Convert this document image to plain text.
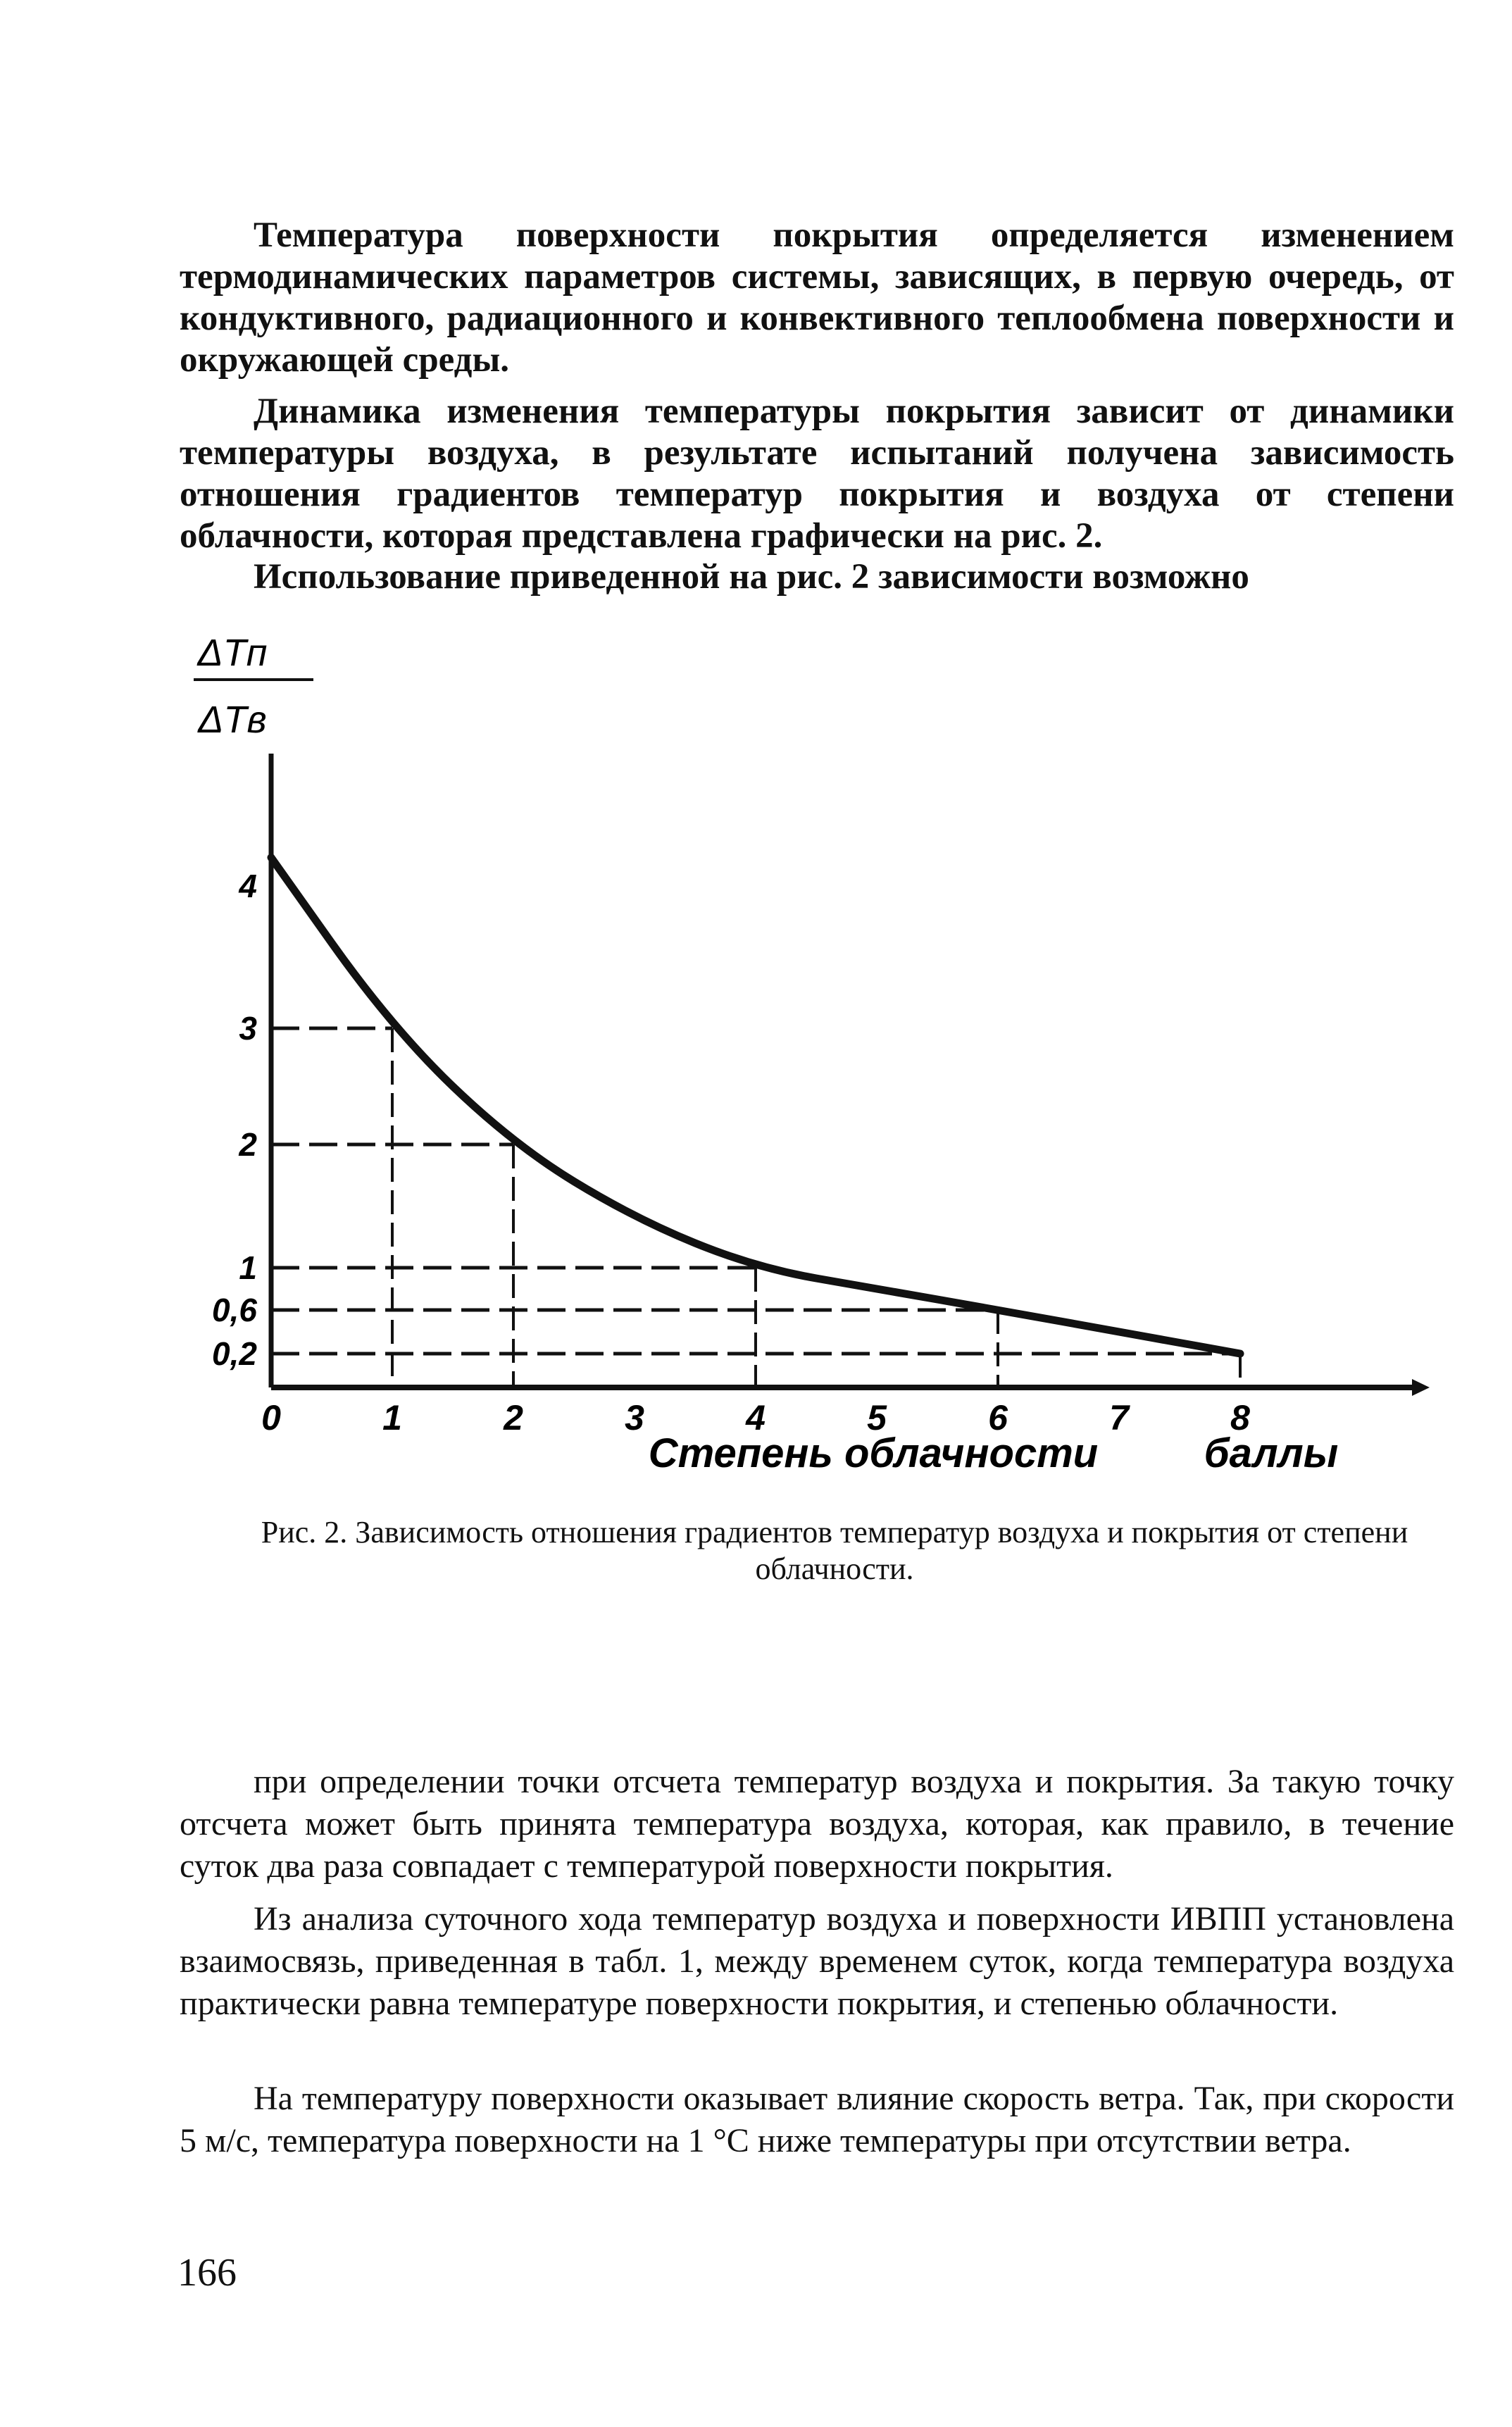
Температура поверхности покрытия определяется изменением термодинамических параметров системы, зависящих, в первую очередь, от кондуктивного, радиационного и конвективного теплообмена поверхности и окружающей среды.

Динамика изменения температуры покрытия зависит от динамики температуры воздуха, в результате испытаний получена зависимость отношения градиентов температур покрытия и воздуха от степени облачности, которая представлена графически на рис. 2.

Использование приведенной на рис. 2 зависимости возможно

ΔTп
ΔTв
Степень облачности	баллы
0	1	2	3	4	5	6	7	8
4
3
2
1
0,6
0,2
Рис. 2. Зависимость отношения градиентов температур воздуха и покрытия от степени облачности.

при определении точки отсчета температур воздуха и покрытия. За такую точку отсчета может быть принята температура воздуха, которая, как правило, в течение суток два раза совпадает с температурой поверхности покрытия.

Из анализа суточного хода температур воздуха и поверхности ИВПП установлена взаимосвязь, приведенная в табл. 1, между временем суток, когда температура воздуха практически равна температуре поверхности покрытия, и степенью облачности.

На температуру поверхности оказывает влияние скорость ветра. Так, при скорости 5 м/с, температура поверхности на 1 °С ниже температуры при отсутствии ветра.

166
